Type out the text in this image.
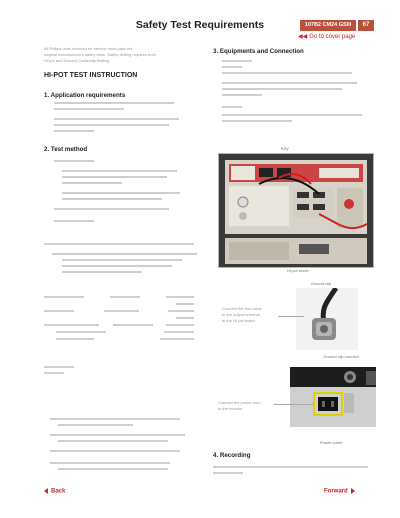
Safety Test Requirements	107B2 CM24 GSIII	67
◀◀ Go to cover page
All Philips units returned for service must pass the
original manufacturers safety tests. Safety testing requires both
Hi-pot and Ground Continuity testing.
HI-POT TEST INSTRUCTION
1. Application requirements
2. Test method
3. Equipments and Connection
Key
Hi-pot tester
Ground clip
Connect the test cable
to the output terminal
at the Hi-pot tester
Ground clip connect
Connect the power cord
to the monitor
Power outlet
4. Recording
Back	Forward
